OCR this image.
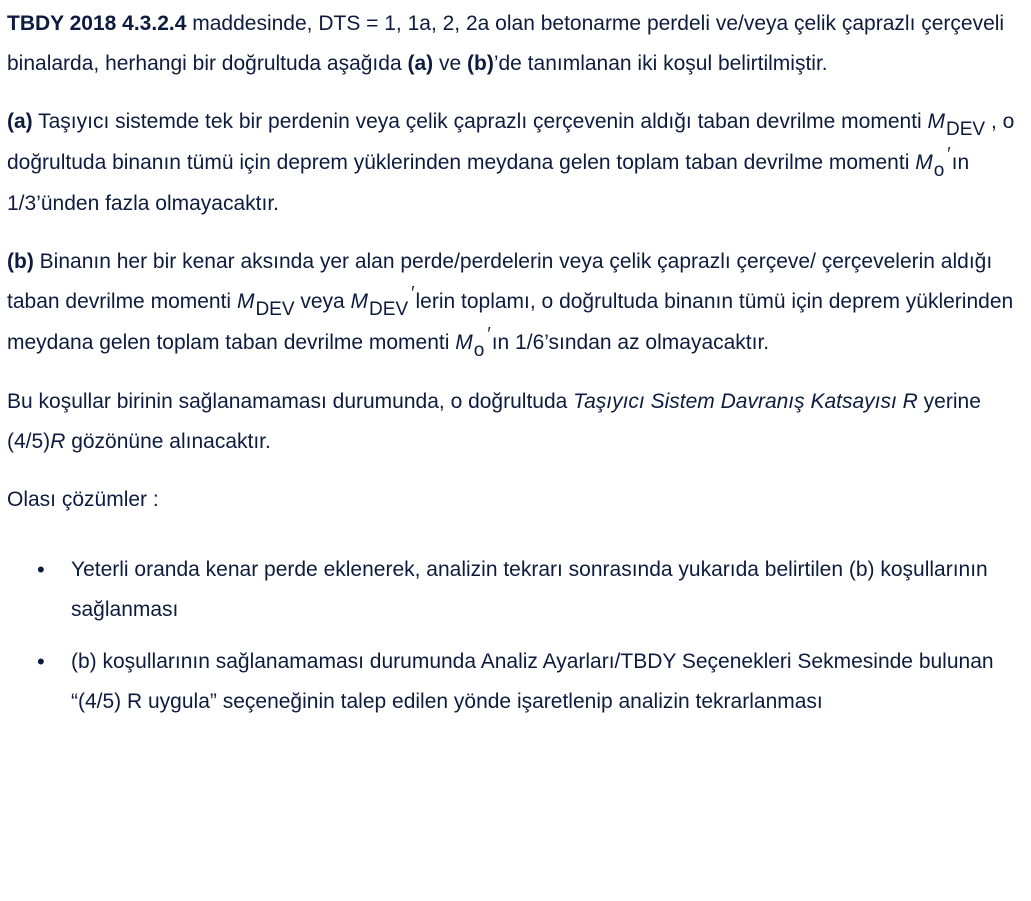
TBDY 2018 4.3.2.4 maddesinde, DTS = 1, 1a, 2, 2a olan betonarme perdeli ve/veya çelik çaprazlı çerçeveli binalarda, herhangi bir doğrultuda aşağıda (a) ve (b)’de tanımlanan iki koşul belirtilmiştir.

(a) Taşıyıcı sistemde tek bir perdenin veya çelik çaprazlı çerçevenin aldığı taban devrilme momenti MDEV , o doğrultuda binanın tümü için deprem yüklerinden meydana gelen toplam taban devrilme momenti Mo′ın 1/3’ünden fazla olmayacaktır.

(b) Binanın her bir kenar aksında yer alan perde/perdelerin veya çelik çaprazlı çerçeve/ çerçevelerin aldığı taban devrilme momenti MDEV veya MDEV′lerin toplamı, o doğrultuda binanın tümü için deprem yüklerinden meydana gelen toplam taban devrilme momenti Mo′ın 1/6’sından az olmayacaktır.

Bu koşullar birinin sağlanamaması durumunda, o doğrultuda Taşıyıcı Sistem Davranış Katsayısı R yerine (4/5)R gözönüne alınacaktır.

Olası çözümler :

• Yeterli oranda kenar perde eklenerek, analizin tekrarı sonrasında yukarıda belirtilen (b) koşullarının sağlanması
• (b) koşullarının sağlanamaması durumunda Analiz Ayarları/TBDY Seçenekleri Sekmesinde bulunan “(4/5) R uygula” seçeneğinin talep edilen yönde işaretlenip analizin tekrarlanması
